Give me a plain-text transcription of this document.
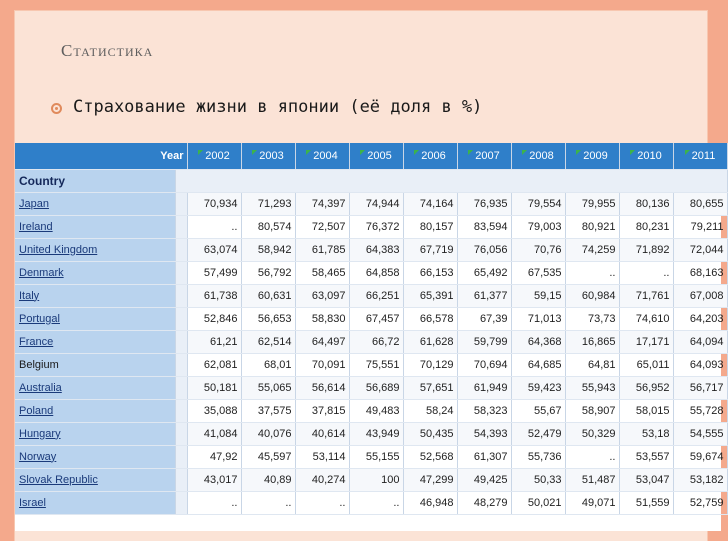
Статистика
Страхование жизни в японии (её доля в %)
Year		2002	2003	2004	2005	2006	2007	2008	2009	2010	2011
Country											
Japan		70,934	71,293	74,397	74,944	74,164	76,935	79,554	79,955	80,136	80,655
Ireland		..	80,574	72,507	76,372	80,157	83,594	79,003	80,921	80,231	79,211
United Kingdom		63,074	58,942	61,785	64,383	67,719	76,056	70,76	74,259	71,892	72,044
Denmark		57,499	56,792	58,465	64,858	66,153	65,492	67,535	..	..	68,163
Italy		61,738	60,631	63,097	66,251	65,391	61,377	59,15	60,984	71,761	67,008
Portugal		52,846	56,653	58,830	67,457	66,578	67,39	71,013	73,73	74,610	64,203
France		61,21	62,514	64,497	66,72	61,628	59,799	64,368	16,865	17,171	64,094
Belgium		62,081	68,01	70,091	75,551	70,129	70,694	64,685	64,81	65,011	64,093
Australia		50,181	55,065	56,614	56,689	57,651	61,949	59,423	55,943	56,952	56,717
Poland		35,088	37,575	37,815	49,483	58,24	58,323	55,67	58,907	58,015	55,728
Hungary		41,084	40,076	40,614	43,949	50,435	54,393	52,479	50,329	53,18	54,555
Norway		47,92	45,597	53,114	55,155	52,568	61,307	55,736	..	53,557	59,674
Slovak Republic		43,017	40,89	40,274	100	47,299	49,425	50,33	51,487	53,047	53,182
Israel		..	..	..	..	46,948	48,279	50,021	49,071	51,559	52,759
